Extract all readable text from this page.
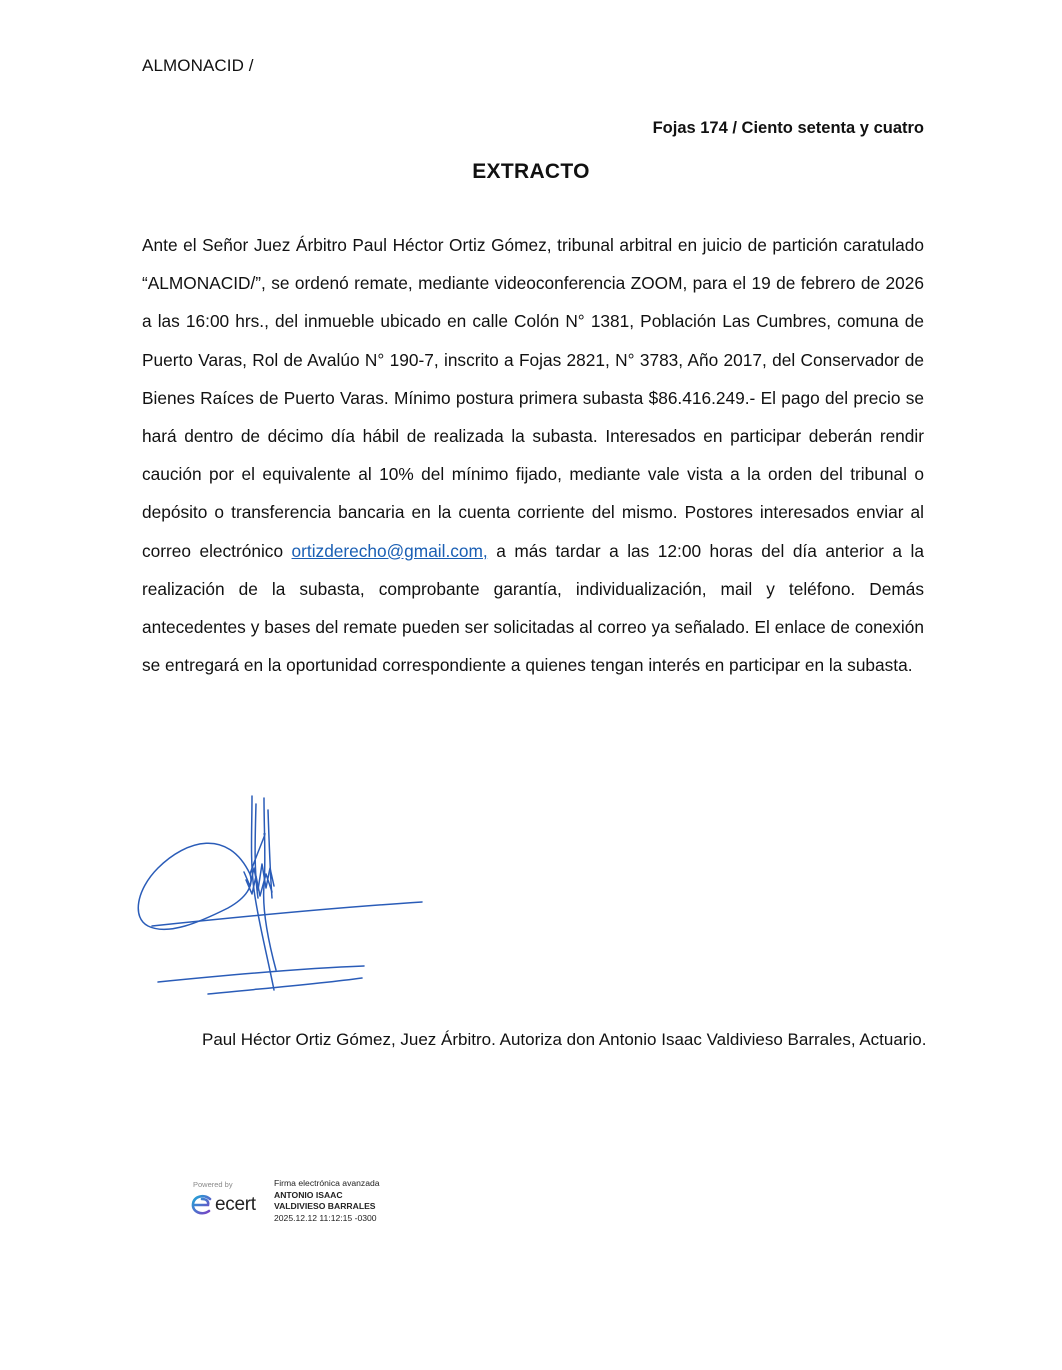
ALMONACID /
Fojas 174 / Ciento setenta y cuatro
EXTRACTO
Ante el Señor Juez Árbitro Paul Héctor Ortiz Gómez, tribunal arbitral en juicio de partición caratulado “ALMONACID/”, se ordenó remate, mediante videoconferencia ZOOM, para el 19 de febrero de 2026 a las 16:00 hrs., del inmueble ubicado en calle Colón N° 1381, Población Las Cumbres, comuna de Puerto Varas, Rol de Avalúo N° 190-7, inscrito a Fojas 2821, N° 3783, Año 2017, del Conservador de Bienes Raíces de Puerto Varas. Mínimo postura primera subasta $86.416.249.- El pago del precio se hará dentro de décimo día hábil de realizada la subasta. Interesados en participar deberán rendir caución por el equivalente al 10% del mínimo fijado, mediante vale vista a la orden del tribunal o depósito o transferencia bancaria en la cuenta corriente del mismo. Postores interesados enviar al correo electrónico ortizderecho@gmail.com, a más tardar a las 12:00 horas del día anterior a la realización de la subasta, comprobante garantía, individualización, mail y teléfono. Demás antecedentes y bases del remate pueden ser solicitadas al correo ya señalado. El enlace de conexión se entregará en la oportunidad correspondiente a quienes tengan interés en participar en la subasta.
Paul Héctor Ortiz Gómez, Juez Árbitro. Autoriza don Antonio Isaac Valdivieso Barrales, Actuario.
Powered by
ecert
Firma electrónica avanzada
ANTONIO ISAAC
VALDIVIESO BARRALES
2025.12.12 11:12:15 -0300
